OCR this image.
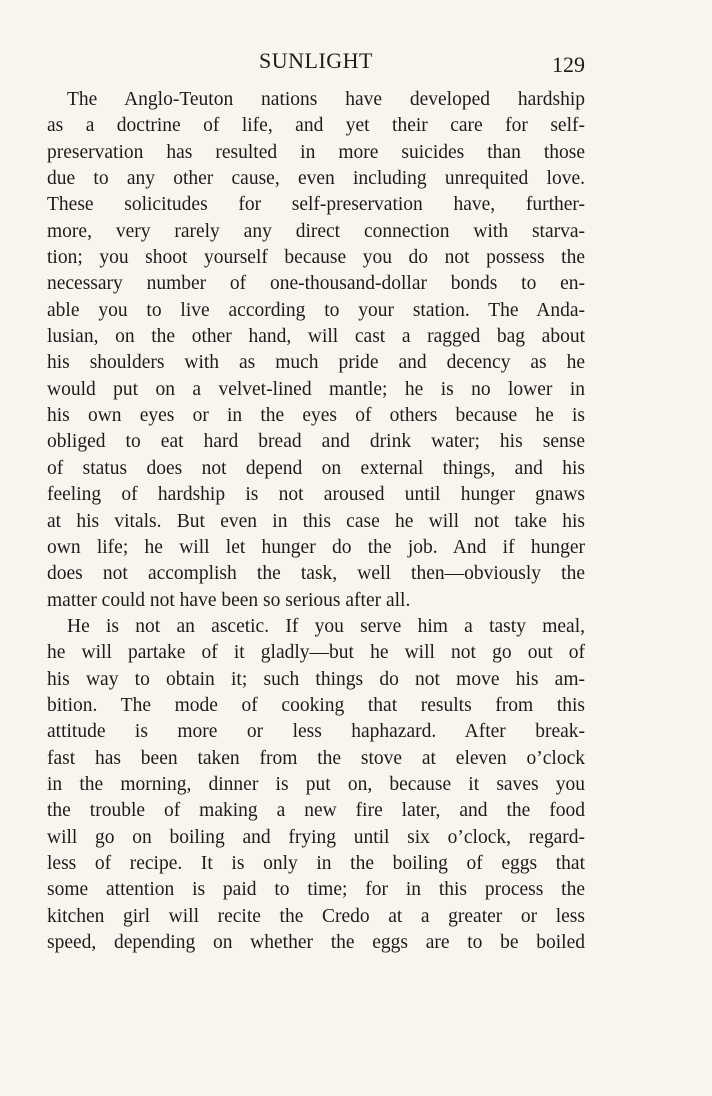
SUNLIGHT	129
The Anglo-Teuton nations have developed hardship
as a doctrine of life, and yet their care for self-
preservation has resulted in more suicides than those
due to any other cause, even including unrequited love.
These solicitudes for self-preservation have, further-
more, very rarely any direct connection with starva-
tion; you shoot yourself because you do not possess the
necessary number of one-thousand-dollar bonds to en-
able you to live according to your station. The Anda-
lusian, on the other hand, will cast a ragged bag about
his shoulders with as much pride and decency as he
would put on a velvet-lined mantle; he is no lower in
his own eyes or in the eyes of others because he is
obliged to eat hard bread and drink water; his sense
of status does not depend on external things, and his
feeling of hardship is not aroused until hunger gnaws
at his vitals. But even in this case he will not take his
own life; he will let hunger do the job. And if hunger
does not accomplish the task, well then—obviously the
matter could not have been so serious after all.
He is not an ascetic. If you serve him a tasty meal,
he will partake of it gladly—but he will not go out of
his way to obtain it; such things do not move his am-
bition. The mode of cooking that results from this
attitude is more or less haphazard. After break-
fast has been taken from the stove at eleven o’clock
in the morning, dinner is put on, because it saves you
the trouble of making a new fire later, and the food
will go on boiling and frying until six o’clock, regard-
less of recipe. It is only in the boiling of eggs that
some attention is paid to time; for in this process the
kitchen girl will recite the Credo at a greater or less
speed, depending on whether the eggs are to be boiled
